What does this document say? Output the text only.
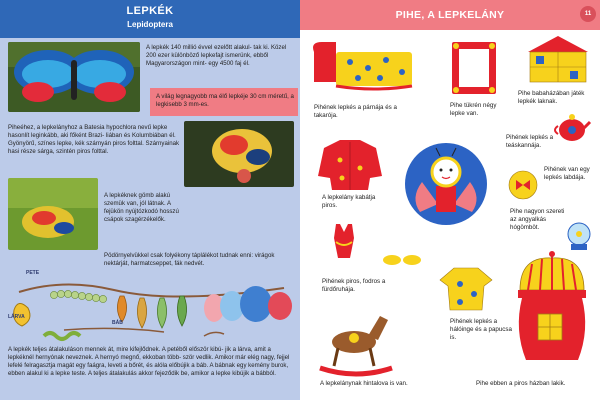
LEPKÉK
Lepidoptera
A lepkék 140 millió évvel ezelőtt alakul- tak ki. Közel 200 ezer különböző lepkefajt ismerünk, ebből Magyarországon mint- egy 4500 faj él.
A világ legnagyobb ma élő lepkéje 30 cm méretű, a legkisebb 3 mm-es.
Piheéhez, a lepkelányhoz a Batesia hypochlora nevű lepke hasonlít leginkább, aki főként Brazi- liában és Kolumbiában él. Gyönyörű, színes lepke, kék szárnyán piros folttal. Szárnyainak hasi része sárga, szintén piros folttal.
A lepkéknek gömb alakú szemük van, jól látnak. A fejükön nyújtózkodó hosszú csápok szagérzékelők.
Pödörnyelvükkel csak folyékony táplálékot tudnak enni: virágok nektárját, harmatcseppet, fák nedvét.
PETE
LÁRVA
BÁB
A lepkék teljes átalakuláson mennek át, mire kifejlődnek. A petéből először kibú- jik a lárva, amit a lepkéknél hernyónak neveznek. A hernyó megnő, ekkoban több- ször vedlik. Amikor már elég nagy, fejjel lefelé felragasztja magát egy faágra, leveti a bőrét, és alóla előbújik a báb. A bábnak egy kemény burok, ebben alakul ki a lepke teste. A teljes átalakulás akkor fejeződik be, amikor a lepke kibújik a bábból.
PIHE, A LEPKELÁNY	11
Pihének lepkés a párnája és a takarója.
Pihe tükrén négy lepke van.
Pihe babaházában játék lepkék laknak.
A lepkelány kabátja piros.
Pihének lepkés a teáskannája.
Pihének van egy lepkés labdája.
Pihe nagyon szereti az angyalkás hógömböt.
Pihének piros, fodros a fürdőruhája.
Pihének lepkés a hálóinge és a papucsa is.
A lepkelánynak hintalova is van.	Pihe ebben a piros házban lakik.
